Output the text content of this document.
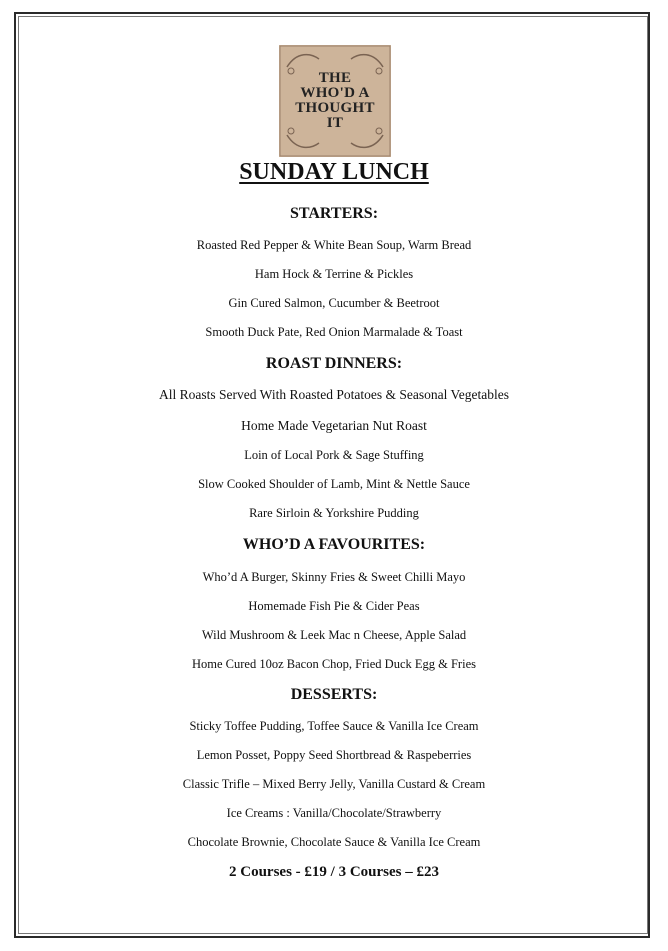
THE
WHO'D A
THOUGHT
IT
SUNDAY LUNCH
STARTERS:
Roasted Red Pepper & White Bean Soup, Warm Bread
Ham Hock & Terrine & Pickles
Gin Cured Salmon, Cucumber & Beetroot
Smooth Duck Pate, Red Onion Marmalade & Toast
ROAST DINNERS:
All Roasts Served With Roasted Potatoes & Seasonal Vegetables
Home Made Vegetarian Nut Roast
Loin of Local Pork & Sage Stuffing
Slow Cooked Shoulder of Lamb, Mint & Nettle Sauce
Rare Sirloin & Yorkshire Pudding
WHO’D A FAVOURITES:
Who’d A Burger, Skinny Fries & Sweet Chilli Mayo
Homemade Fish Pie & Cider Peas
Wild Mushroom & Leek Mac n Cheese, Apple Salad
Home Cured 10oz Bacon Chop, Fried Duck Egg & Fries
DESSERTS:
Sticky Toffee Pudding, Toffee Sauce & Vanilla Ice Cream
Lemon Posset, Poppy Seed Shortbread & Raspeberries
Classic Trifle – Mixed Berry Jelly, Vanilla Custard & Cream
Ice Creams : Vanilla/Chocolate/Strawberry
Chocolate Brownie, Chocolate Sauce & Vanilla Ice Cream
2 Courses - £19 / 3 Courses – £23
